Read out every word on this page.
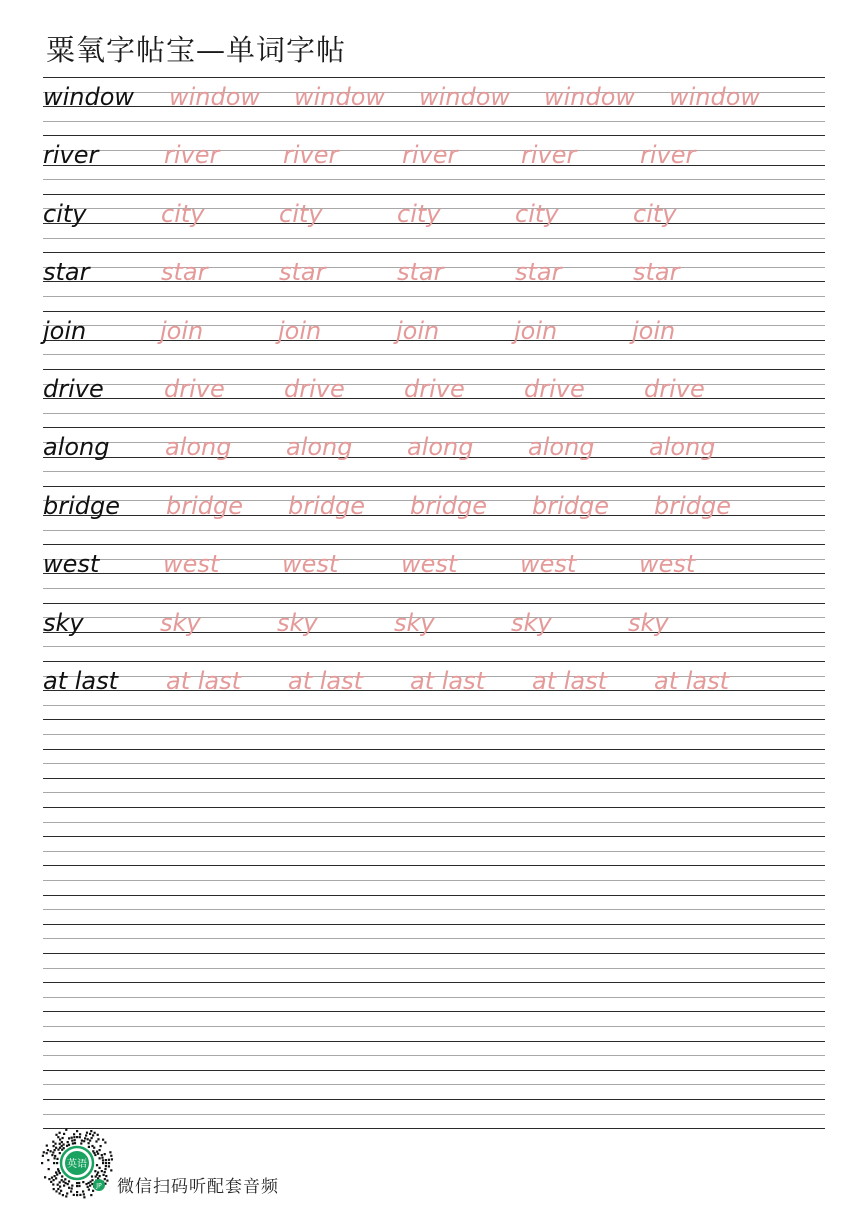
粟氧字帖宝—单词字帖
window window window window window window
river	river	river	river	river	river
city	city	city	city	city	city
star	star	star	star	star	star
join	join	join	join	join	join
drive	drive drive drive drive drive
along along along along along along
bridge bridge bridge bridge bridge bridge
west	west	west	west	west	west
sky	sky	sky	sky	sky	sky
at last at last at last at last at last at last
英语
JP 微信扫码听配套音频
